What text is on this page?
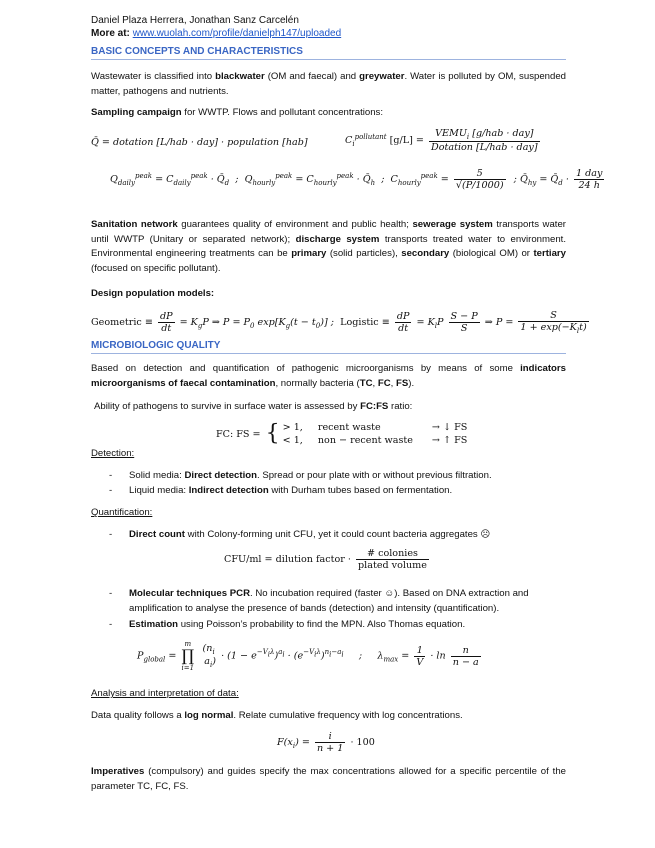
Daniel Plaza Herrera, Jonathan Sanz Carcelén
More at: www.wuolah.com/profile/danielph147/uploaded
BASIC CONCEPTS AND CHARACTERISTICS
Wastewater is classified into blackwater (OM and faecal) and greywater. Water is polluted by OM, suspended matter, pathogens and nutrients.
Sampling campaign for WWTP. Flows and pollutant concentrations:
Q̄ = dotation [L/hab · day] · population [hab]	$C_i^{pollutant}$ $[g/L] = \frac{VEMU_i [g/hab \cdot day]}{\text{Dotation [L/hab · day]}}$
$Q_{daily}^{peak} = C_{daily}^{peak}$ · $Q̄_d$  ;  $Q_{hourly}^{peak} = C_{hourly}^{peak}$ · $Q̄_h$  ;  $C_{hourly}^{peak} = \frac{5}{√(P/1000)}$ ; $Q̄_{hy}$ = $Q̄_d \cdot \frac{\text{1 day}}{24 h}$
Sanitation network guarantees quality of environment and public health; sewerage system transports water until WWTP (Unitary or separated network); discharge system transports treated water to environment. Environmental engineering treatments can be primary (solid particles), secondary (biological OM) or tertiary (focused on specific pollutant).
Design population models:
Geometric ≡ $\frac{dP}{dt} = K_gP$ ⇒ $P = P_0$ $\exp[K_g(t - t_0)]$ ;  Logistic ≡ $\frac{dP}{dt} = K_lP \frac{S - P}{S}$ ⇒ $P = \frac{S}{1 + \exp(-K_lt)}$
MICROBIOLOGIC QUALITY
Based on detection and quantification of pathogenic microorganisms by means of some indicators microorganisms of faecal contamination, normally bacteria (TC, FC, FS).
Ability of pathogens to survive in surface water is assessed by FC:FS ratio:
FC: FS =	{	> 1,	recent waste	→ ↓ FS
		< 1,	non − recent waste	→ ↑ FS
Detection:
- Solid media: Direct detection. Spread or pour plate with or without previous filtration.
- Liquid media: Indirect detection with Durham tubes based on fermentation.
Quantification:
- Direct count with Colony-forming unit CFU, yet it could count bacteria aggregates ☹
CFU/ml = dilution factor · $\frac{\text{\# colonies}}{\text{plated volume}}$
- Molecular techniques PCR. No incubation required (faster ☺). Based on DNA extraction and amplification to analyse the presence of bands (detection) and intensity (quantification).
- Estimation using Poisson’s probability to find the MPN. Also Thomas equation.
$P_{global}$ =
m
∏
i=1

($n_i$
$a_i) \cdot (1 - e^{-V_i\lambda})^{a_i} \cdot (e^{-V_i\lambda})^{n_i-a_i}$     ;     $\lambda_{max} = \frac{1}{V} \cdot \ln \frac{n}{n - a}$
Analysis and interpretation of data:
Data quality follows a log normal. Relate cumulative frequency with log concentrations.
$F(x_i) = \frac{i}{n + 1} \cdot 100$
Imperatives (compulsory) and guides specify the max concentrations allowed for a specific percentile of the parameter TC, FC, FS.
